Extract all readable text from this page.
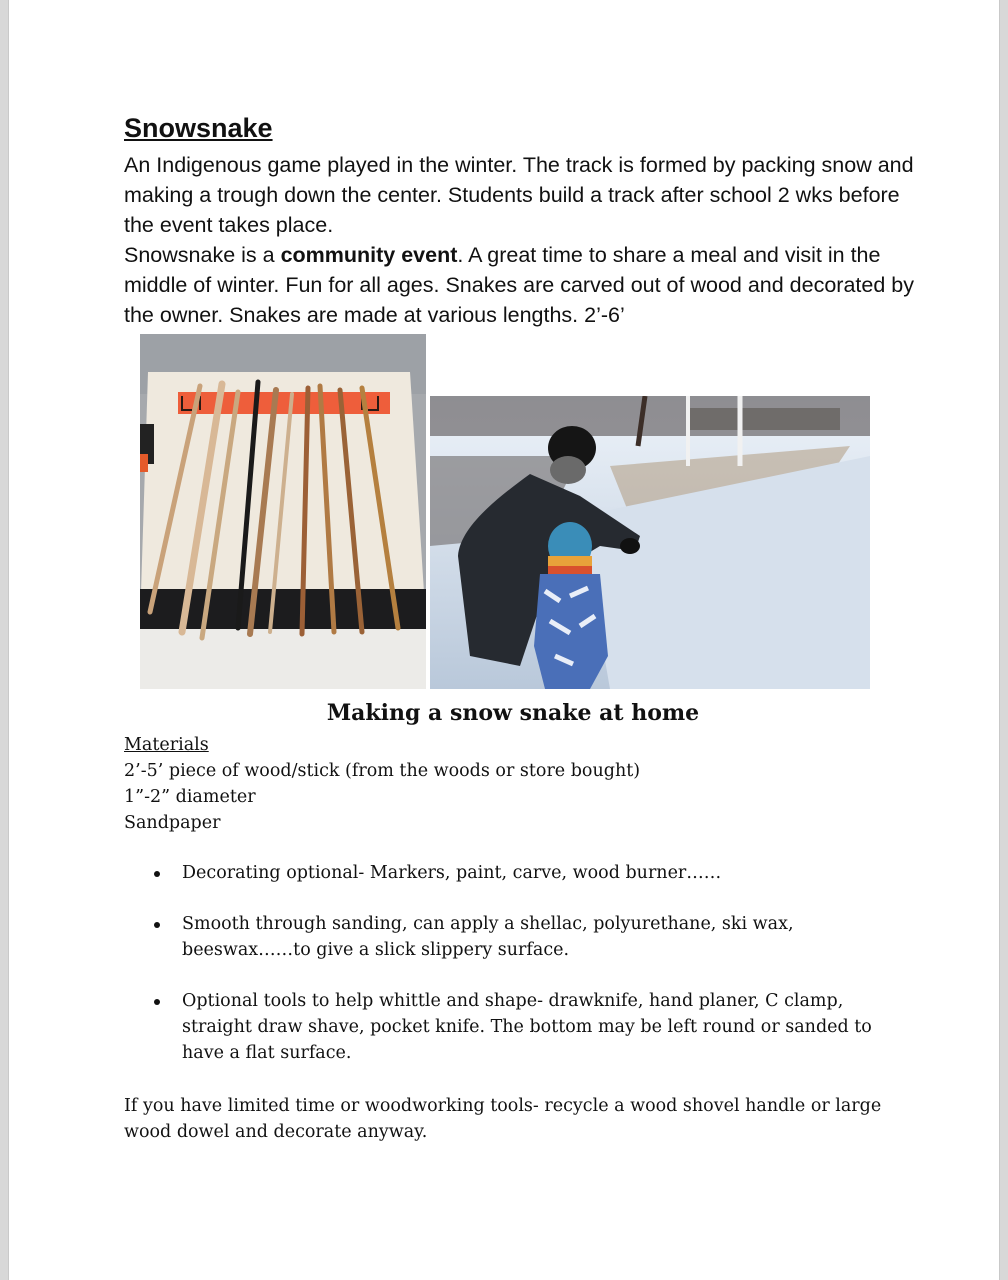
Snowsnake

An Indigenous game played in the winter. The track is formed by packing snow and making a trough down the center. Students build a track after school 2 wks before the event takes place.

Snowsnake is a community event. A great time to share a meal and visit in the middle of winter. Fun for all ages. Snakes are carved out of wood and decorated by the owner. Snakes are made at various lengths. 2’-6’

Making a snow snake at home
Materials
2’-5’ piece of wood/stick (from the woods or store bought)
1”-2” diameter
Sandpaper
Decorating optional- Markers, paint, carve, wood burner……
Smooth through sanding, can apply a shellac, polyurethane, ski wax, beeswax……to give a slick slippery surface.
Optional tools to help whittle and shape- drawknife, hand planer, C clamp, straight draw shave, pocket knife. The bottom may be left round or sanded to have a flat surface.

If you have limited time or woodworking tools- recycle a wood shovel handle or large wood dowel and decorate anyway.
